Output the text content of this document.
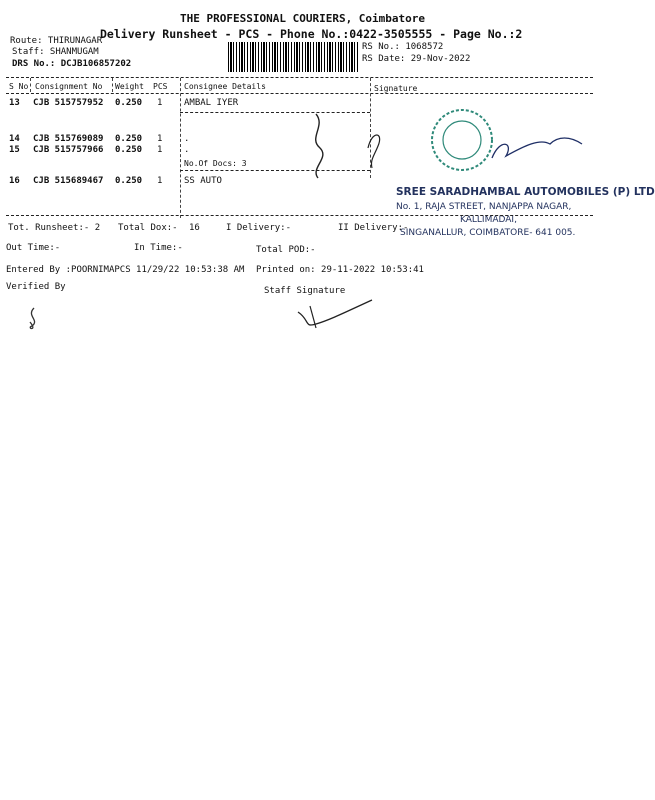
THE PROFESSIONAL COURIERS, Coimbatore
Delivery Runsheet - PCS - Phone No.:0422-3505555 - Page No.:2
Route: THIRUNAGAR
Staff: SHANMUGAM
DRS No.: DCJB106857202
RS No.: 1068572
RS Date: 29-Nov-2022
S No Consignment No Weight PCS Consignee Details	Signature
13 CJB 515757952 0.250 1 AMBAL IYER
14 CJB 515769089 0.250 1 .
15 CJB 515757966 0.250 1 .
No.Of Docs: 3
16 CJB 515689467 0.250 1 SS AUTO
SREE SARADHAMBAL AUTOMOBILES (P) LTD
No. 1, RAJA STREET, NANJAPPA NAGAR,
KALLIMADAI,
SINGANALLUR, COIMBATORE- 641 005.
Tot. Runsheet:- 2 Total Dox:- 16	I Delivery:-	II Delivery:-
Out Time:-	In Time:-	Total POD:-
Entered By :POORNIMAPCS 11/29/22 10:53:38 AM Printed on: 29-11-2022 10:53:41
Verified By	Staff Signature
